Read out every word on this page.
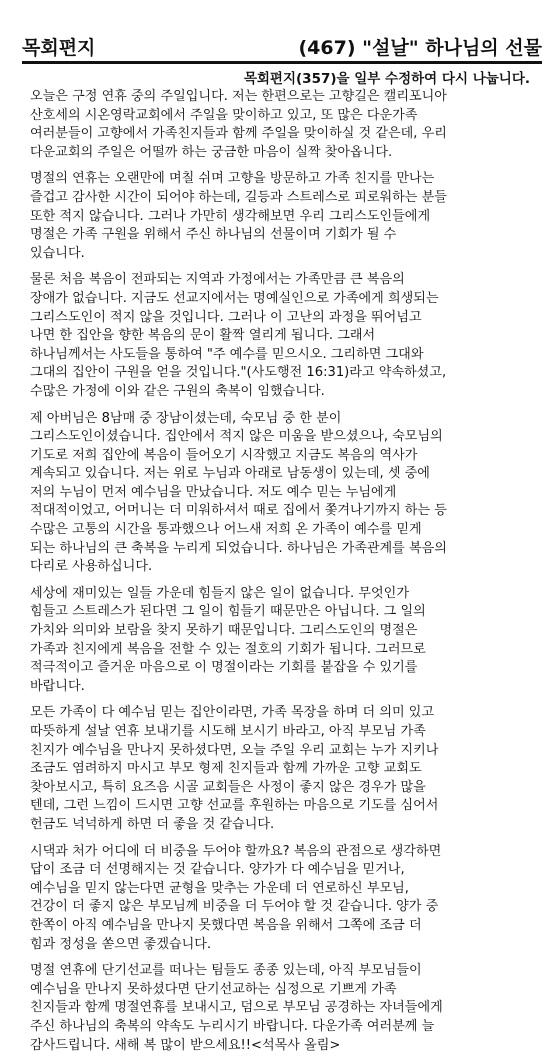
목회편지	(467) "설날" 하나님의 선물
목회편지(357)을 일부 수정하여 다시 나눕니다.

오늘은 구정 연휴 중의 주일입니다. 저는 한편으로는 고향길은 캘리포니아
산호세의 시온영락교회에서 주일을 맞이하고 있고, 또 많은 다운가족
여러분들이 고향에서 가족친지들과 함께 주일을 맞이하실 것 같은데, 우리
다운교회의 주일은 어떨까 하는 궁금한 마음이 실짝 찾아옵니다.

명절의 연휴는 오랜만에 며칠 쉬며 고향을 방문하고 가족 친지를 만나는
즐겁고 감사한 시간이 되어야 하는데, 길등과 스트레스로 피로워하는 분들
또한 적지 않습니다. 그러나 가만히 생각해보면 우리 그리스도인들에게
명절은 가족 구원을 위해서 주신 하나님의 선물이며 기회가 될 수
있습니다.

물론 처음 복음이 전파되는 지역과 가정에서는 가족만큼 큰 복음의
장애가 없습니다. 지금도 선교지에서는 명예실인으로 가족에게 희생되는
그리스도인이 적지 않을 것입니다. 그러나 이 고난의 과정을 뛰어넘고
나면 한 집안을 향한 복음의 문이 활짝 열리게 됩니다. 그래서
하나님께서는 사도들을 통하여 "주 예수를 믿으시오. 그리하면 그대와
그대의 집안이 구원을 얻을 것입니다."(사도행전 16:31)라고 약속하셨고,
수많은 가정에 이와 같은 구원의 축복이 임했습니다.

제 아버님은 8남매 중 장남이셨는데, 숙모님 중 한 분이
그리스도인이셨습니다. 집안에서 적지 않은 미움을 받으셨으나, 숙모님의
기도로 저희 집안에 복음이 들어오기 시작했고 지금도 복음의 역사가
계속되고 있습니다. 저는 위로 누님과 아래로 남동생이 있는데, 셋 중에
저의 누님이 먼저 예수님을 만났습니다. 저도 예수 믿는 누님에게
적대적이었고, 어머니는 더 미워하셔서 때로 집에서 쫓겨나기까지 하는 등
수많은 고통의 시간을 통과했으나 어느새 저희 온 가족이 예수를 믿게
되는 하나님의 큰 축복을 누리게 되었습니다. 하나님은 가족관계를 복음의
다리로 사용하십니다.

세상에 재미있는 일들 가운데 힘들지 않은 일이 없습니다. 무엇인가
힘들고 스트레스가 된다면 그 일이 힘들기 때문만은 아닙니다. 그 일의
가치와 의미와 보람을 찾지 못하기 때문입니다. 그리스도인의 명절은
가족과 친지에게 복음을 전할 수 있는 절호의 기회가 됩니다. 그러므로
적극적이고 즐거운 마음으로 이 명절이라는 기회를 붙잡을 수 있기를
바랍니다.

모든 가족이 다 예수님 믿는 집안이라면, 가족 목장을 하며 더 의미 있고
따뜻하게 설날 연휴 보내기를 시도해 보시기 바라고, 아직 부모님 가족
친지가 예수님을 만나지 못하셨다면, 오늘 주일 우리 교회는 누가 지키나
조금도 염려하지 마시고 부모 형제 친지들과 함께 가까운 고향 교회도
찾아보시고, 특히 요즈음 시골 교회들은 사정이 좋지 않은 경우가 많을
텐데, 그런 느낌이 드시면 고향 선교를 후원하는 마음으로 기도를 심어서
헌금도 넉넉하게 하면 더 좋을 것 같습니다.

시댁과 처가 어디에 더 비중을 두어야 할까요? 복음의 관점으로 생각하면
답이 조금 더 선명해지는 것 같습니다. 양가가 다 예수님을 믿거나,
예수님을 믿지 않는다면 균형을 맞추는 가운데 더 연로하신 부모님,
건강이 더 좋지 않은 부모님께 비중을 더 두어야 할 것 같습니다. 양가 중
한쪽이 아직 예수님을 만나지 못했다면 복음을 위해서 그쪽에 조금 더
힘과 정성을 쏟으면 좋겠습니다.

명절 연휴에 단기선교를 떠나는 팀들도 종종 있는데, 아직 부모님들이
예수님을 만나지 못하셨다면 단기선교하는 심정으로 기쁘게 가족
친지들과 함께 명절연휴를 보내시고, 덤으로 부모님 공경하는 자녀들에게
주신 하나님의 축복의 약속도 누리시기 바랍니다. 다운가족 여러분께 늘
감사드립니다. 새해 복 많이 받으세요!!<석목사 올림>
